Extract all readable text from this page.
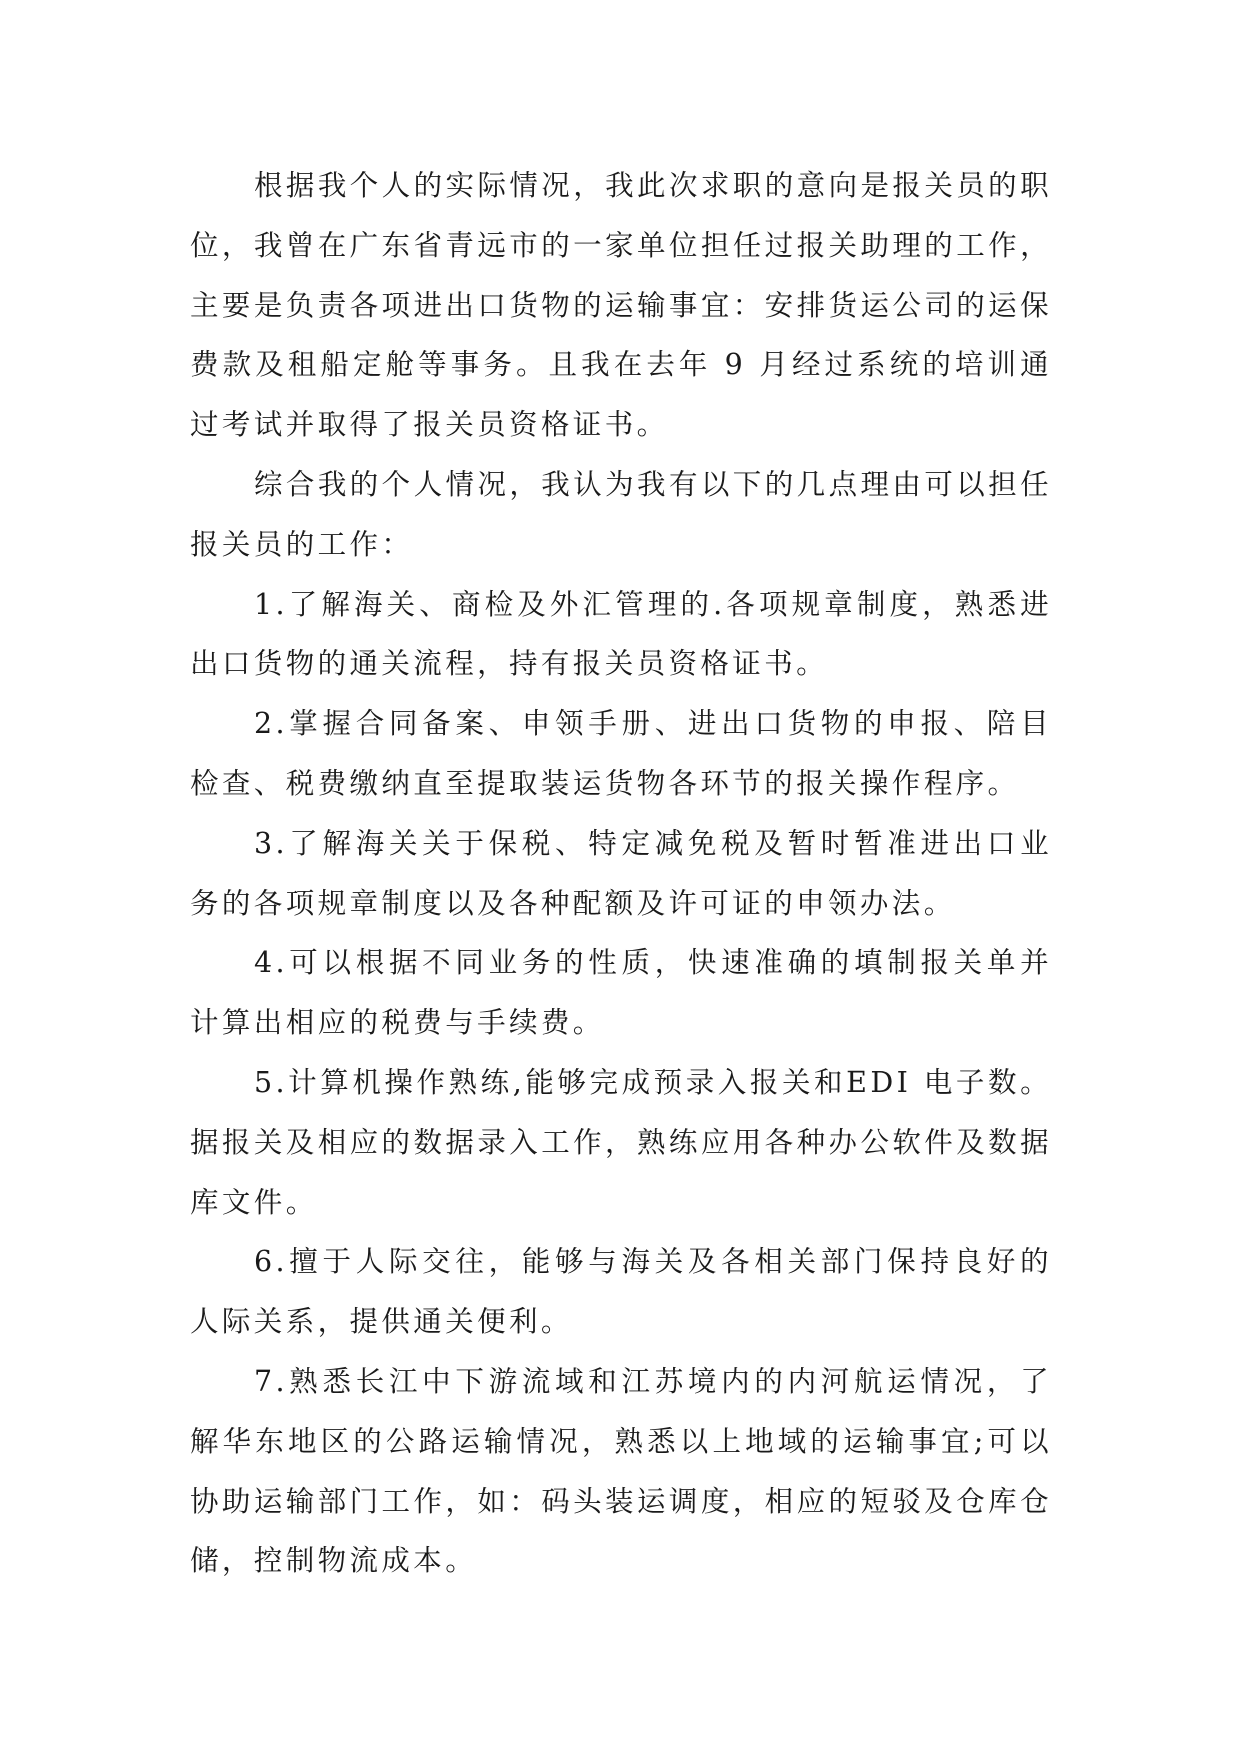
根据我个人的实际情况，我此次求职的意向是报关员的职位，我曾在广东省青远市的一家单位担任过报关助理的工作，主要是负责各项进出口货物的运输事宜：安排货运公司的运保费款及租船定舱等事务。且我在去年 9 月经过系统的培训通过考试并取得了报关员资格证书。

综合我的个人情况，我认为我有以下的几点理由可以担任报关员的工作：

1.了解海关、商检及外汇管理的.各项规章制度，熟悉进出口货物的通关流程，持有报关员资格证书。

2.掌握合同备案、申领手册、进出口货物的申报、陪目检查、税费缴纳直至提取装运货物各环节的报关操作程序。

3.了解海关关于保税、特定减免税及暂时暂准进出口业务的各项规章制度以及各种配额及许可证的申领办法。

4.可以根据不同业务的性质，快速准确的填制报关单并计算出相应的税费与手续费。

5.计算机操作熟练,能够完成预录入报关和EDI 电子数。据报关及相应的数据录入工作，熟练应用各种办公软件及数据库文件。

6.擅于人际交往，能够与海关及各相关部门保持良好的人际关系，提供通关便利。

7.熟悉长江中下游流域和江苏境内的内河航运情况，了解华东地区的公路运输情况，熟悉以上地域的运输事宜;可以协助运输部门工作，如：码头装运调度，相应的短驳及仓库仓储，控制物流成本。
